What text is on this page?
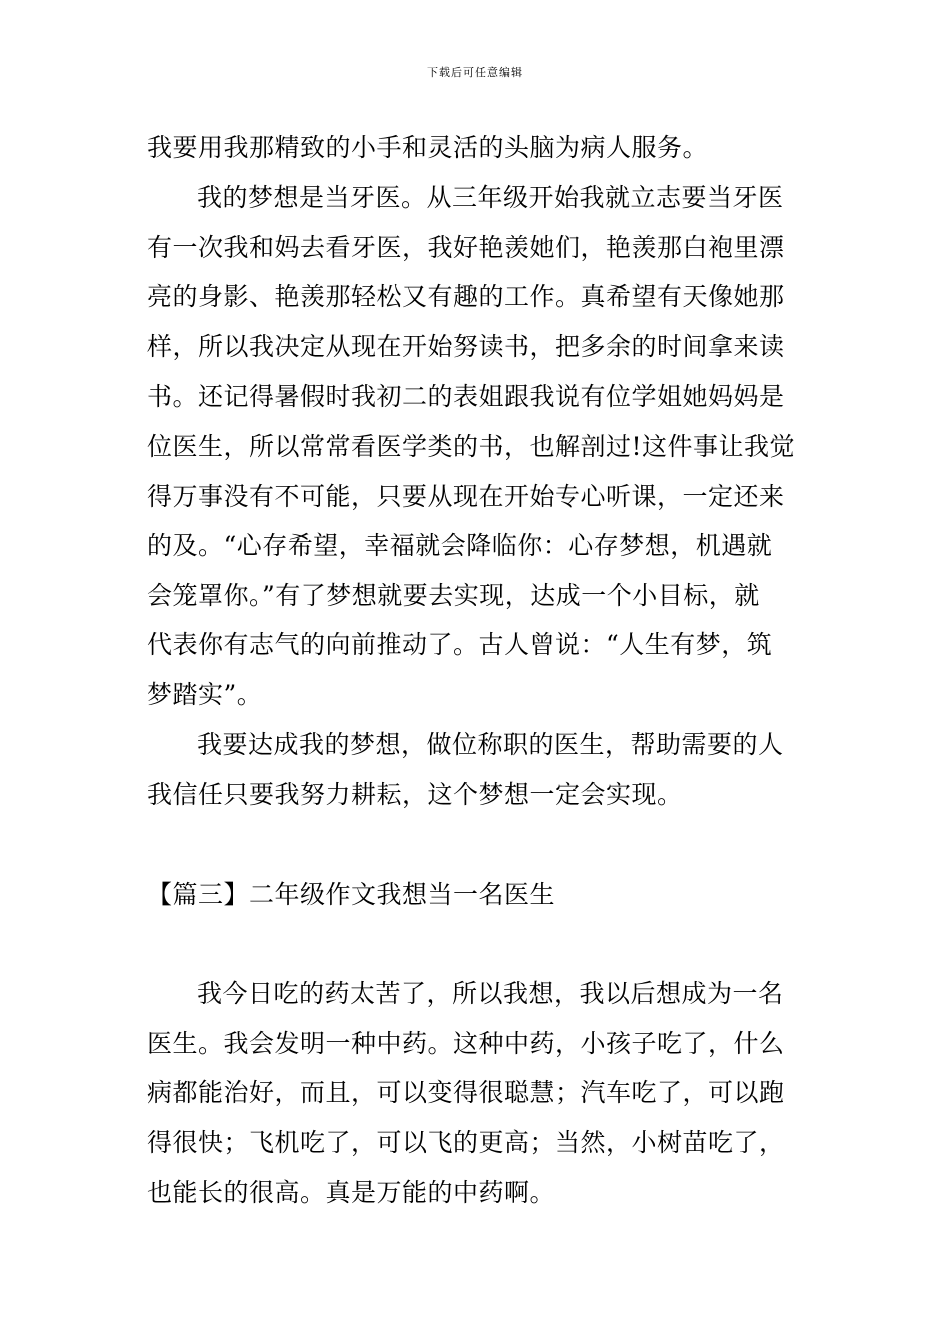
下载后可任意编辑
我要用我那精致的小手和灵活的头脑为病人服务。
我的梦想是当牙医。从三年级开始我就立志要当牙医
有一次我和妈去看牙医，我好艳羡她们，艳羡那白袍里漂
亮的身影、艳羡那轻松又有趣的工作。真希望有天像她那
样，所以我决定从现在开始努读书，把多余的时间拿来读
书。还记得暑假时我初二的表姐跟我说有位学姐她妈妈是
位医生，所以常常看医学类的书，也解剖过!这件事让我觉
得万事没有不可能，只要从现在开始专心听课，一定还来
的及。“心存希望，幸福就会降临你：心存梦想，机遇就
会笼罩你。”有了梦想就要去实现，达成一个小目标，就
代表你有志气的向前推动了。古人曾说：“人生有梦，筑
梦踏实”。
我要达成我的梦想，做位称职的医生，帮助需要的人
我信任只要我努力耕耘，这个梦想一定会实现。
【篇三】二年级作文我想当一名医生
我今日吃的药太苦了，所以我想，我以后想成为一名
医生。我会发明一种中药。这种中药，小孩子吃了，什么
病都能治好，而且，可以变得很聪慧；汽车吃了，可以跑
得很快；飞机吃了，可以飞的更高；当然，小树苗吃了，
也能长的很高。真是万能的中药啊。
